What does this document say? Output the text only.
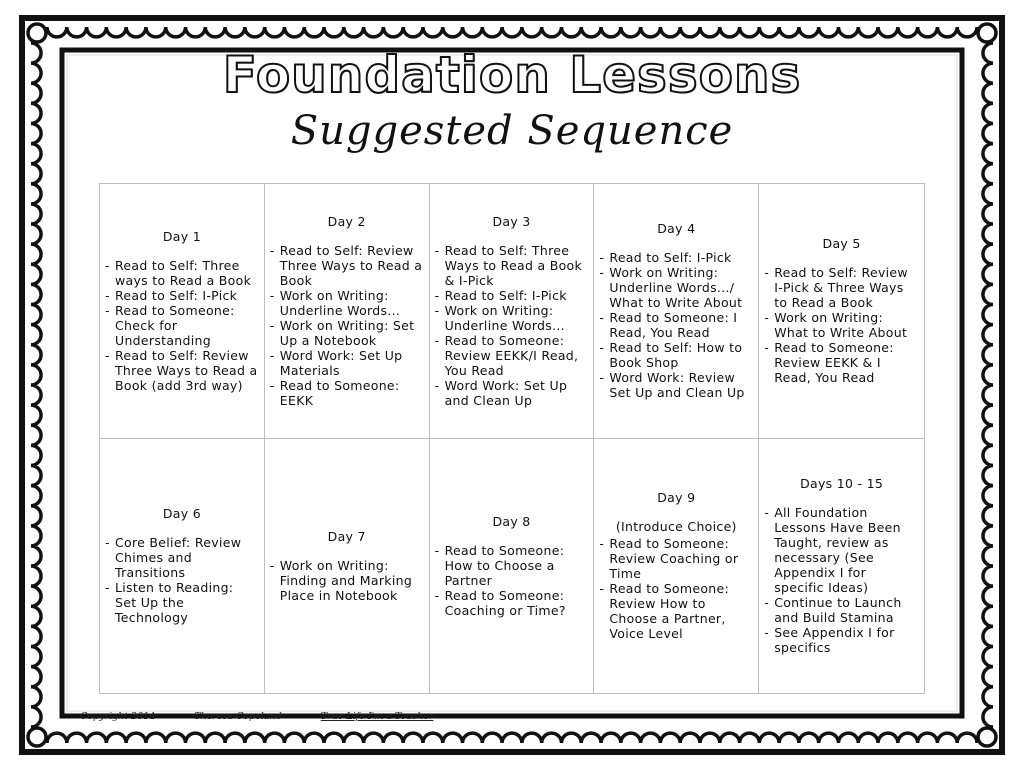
Foundation Lessons
Suggested Sequence
Day 1
- Read to Self: Three ways to Read a Book
- Read to Self: I-Pick
- Read to Someone: Check for Understanding
- Read to Self: Review Three Ways to Read a Book (add 3rd way)
Day 2
- Read to Self: Review Three Ways to Read a Book
- Work on Writing: Underline Words...
- Work on Writing: Set Up a Notebook
- Word Work: Set Up Materials
- Read to Someone: EEKK
Day 3
- Read to Self: Three Ways to Read a Book & I-Pick
- Read to Self: I-Pick
- Work on Writing: Underline Words...
- Read to Someone: Review EEKK/I Read, You Read
- Word Work: Set Up and Clean Up
Day 4
- Read to Self: I-Pick
- Work on Writing: Underline Words.../ What to Write About
- Read to Someone: I Read, You Read
- Read to Self: How to Book Shop
- Word Work: Review Set Up and Clean Up
Day 5
- Read to Self: Review I-Pick & Three Ways to Read a Book
- Work on Writing: What to Write About
- Read to Someone: Review EEKK & I Read, You Read
Day 6
- Core Belief: Review Chimes and Transitions
- Listen to Reading: Set Up the Technology
Day 7
- Work on Writing: Finding and Marking Place in Notebook
Day 8
- Read to Someone: How to Choose a Partner
- Read to Someone: Coaching or Time?
Day 9
(Introduce Choice)
- Read to Someone: Review Coaching or Time
- Read to Someone: Review How to Choose a Partner, Voice Level
Days 10 - 15
- All Foundation Lessons Have Been Taught, review as necessary (See Appendix I for specific Ideas)
- Continue to Launch and Build Stamina
- See Appendix I for specifics
Copyright 2014	Theresa Copeland	True Life I'm a Teacher
